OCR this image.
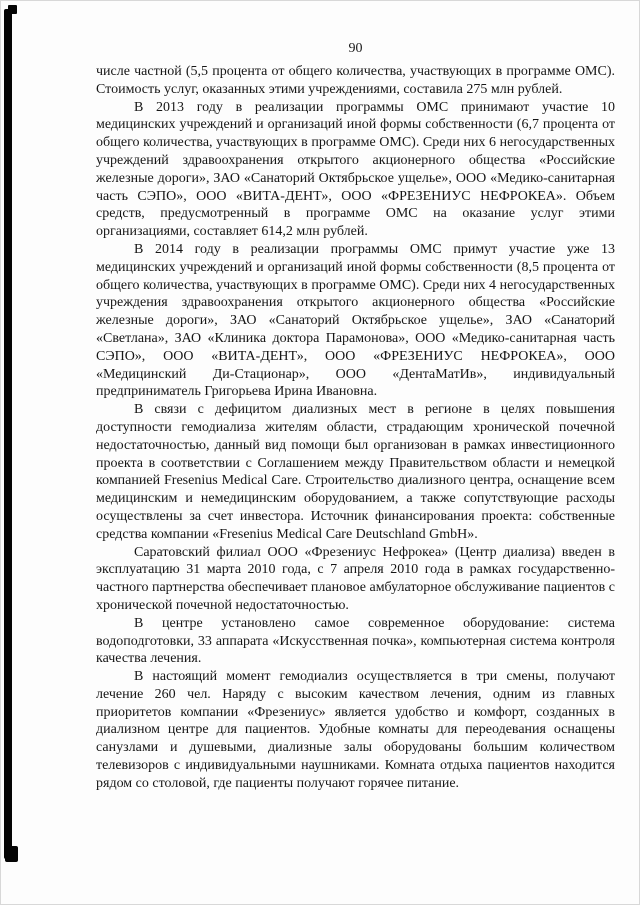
90

числе частной (5,5 процента от общего количества, участвующих в программе ОМС). Стоимость услуг, оказанных этими учреждениями, составила 275 млн рублей.

В 2013 году в реализации программы ОМС принимают участие 10 медицинских учреждений и организаций иной формы собственности (6,7 процента от общего количества, участвующих в программе ОМС). Среди них 6 негосударственных учреждений здравоохранения открытого акционерного общества «Российские железные дороги», ЗАО «Санаторий Октябрьское ущелье», ООО «Медико-санитарная часть СЭПО», ООО «ВИТА-ДЕНТ», ООО «ФРЕЗЕНИУС НЕФРОКЕА». Объем средств, предусмотренный в программе ОМС на оказание услуг этими организациями, составляет 614,2 млн рублей.

В 2014 году в реализации программы ОМС примут участие уже 13 медицинских учреждений и организаций иной формы собственности (8,5 процента от общего количества, участвующих в программе ОМС). Среди них 4 негосударственных учреждения здравоохранения открытого акционерного общества «Российские железные дороги», ЗАО «Санаторий Октябрьское ущелье», ЗАО «Санаторий «Светлана», ЗАО «Клиника доктора Парамонова», ООО «Медико-санитарная часть СЭПО», ООО «ВИТА-ДЕНТ», ООО «ФРЕЗЕНИУС НЕФРОКЕА», ООО «Медицинский Ди-Стационар», ООО «ДентаМатИв», индивидуальный предприниматель Григорьева Ирина Ивановна.

В связи с дефицитом диализных мест в регионе в целях повышения доступности гемодиализа жителям области, страдающим хронической почечной недостаточностью, данный вид помощи был организован в рамках инвестиционного проекта в соответствии с Соглашением между Правительством области и немецкой компанией Fresenius Medical Care. Строительство диализного центра, оснащение всем медицинским и немедицинским оборудованием, а также сопутствующие расходы осуществлены за счет инвестора. Источник финансирования проекта: собственные средства компании «Fresenius Medical Care Deutschland GmbH».

Саратовский филиал ООО «Фрезениус Нефрокеа» (Центр диализа) введен в эксплуатацию 31 марта 2010 года, с 7 апреля 2010 года в рамках государственно-частного партнерства обеспечивает плановое амбулаторное обслуживание пациентов с хронической почечной недостаточностью.

В центре установлено самое современное оборудование: система водоподготовки, 33 аппарата «Искусственная почка», компьютерная система контроля качества лечения.

В настоящий момент гемодиализ осуществляется в три смены, получают лечение 260 чел. Наряду с высоким качеством лечения, одним из главных приоритетов компании «Фрезениус» является удобство и комфорт, созданных в диализном центре для пациентов. Удобные комнаты для переодевания оснащены санузлами и душевыми, диализные залы оборудованы большим количеством телевизоров с индивидуальными наушниками. Комната отдыха пациентов находится рядом со столовой, где пациенты получают горячее питание.
